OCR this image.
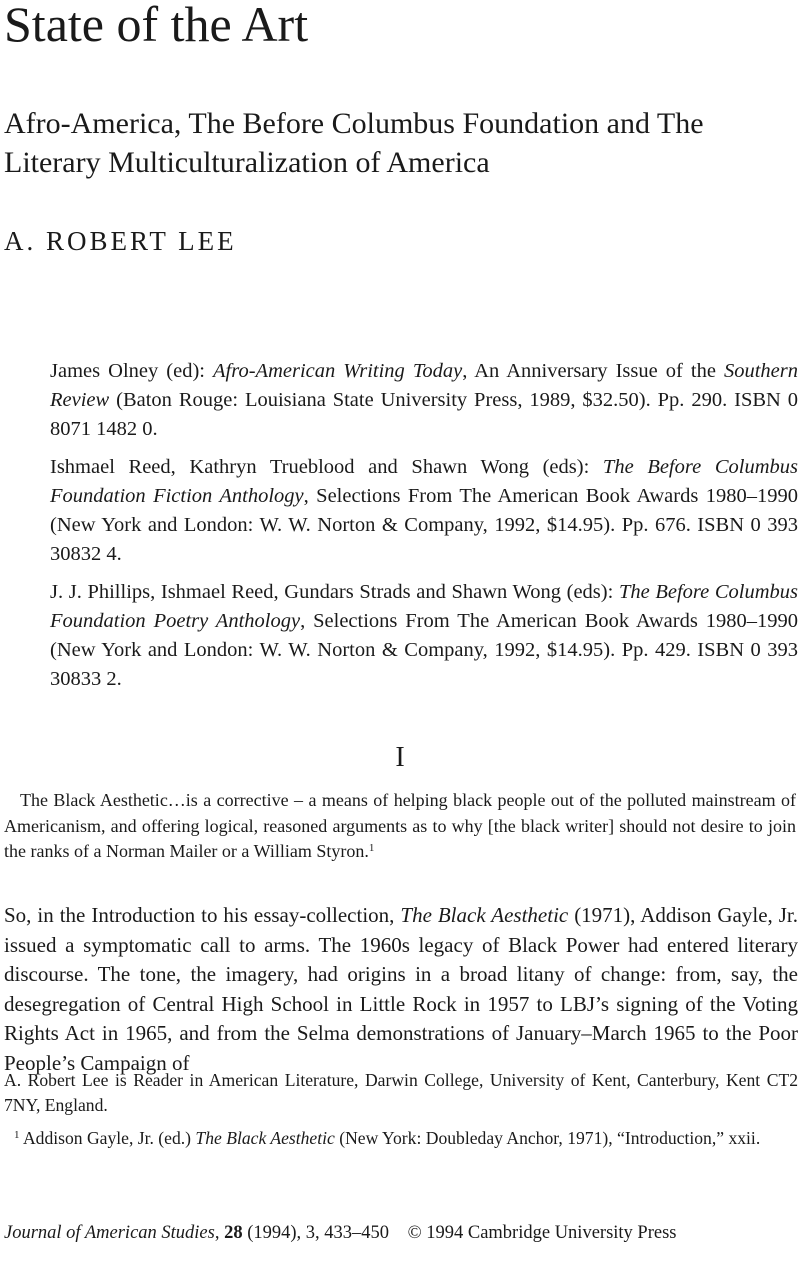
State of the Art
Afro-America, The Before Columbus Foundation and The Literary Multiculturalization of America
A. ROBERT LEE

James Olney (ed): Afro-American Writing Today, An Anniversary Issue of the Southern Review (Baton Rouge: Louisiana State University Press, 1989, $32.50). Pp. 290. ISBN 0 8071 1482 0.

Ishmael Reed, Kathryn Trueblood and Shawn Wong (eds): The Before Columbus Foundation Fiction Anthology, Selections From The American Book Awards 1980–1990 (New York and London: W. W. Norton & Company, 1992, $14.95). Pp. 676. ISBN 0 393 30832 4.

J. J. Phillips, Ishmael Reed, Gundars Strads and Shawn Wong (eds): The Before Columbus Foundation Poetry Anthology, Selections From The American Book Awards 1980–1990 (New York and London: W. W. Norton & Company, 1992, $14.95). Pp. 429. ISBN 0 393 30833 2.

I

The Black Aesthetic…is a corrective – a means of helping black people out of the polluted mainstream of Americanism, and offering logical, reasoned arguments as to why [the black writer] should not desire to join the ranks of a Norman Mailer or a William Styron.$^1$

So, in the Introduction to his essay-collection, The Black Aesthetic (1971), Addison Gayle, Jr. issued a symptomatic call to arms. The 1960s legacy of Black Power had entered literary discourse. The tone, the imagery, had origins in a broad litany of change: from, say, the desegregation of Central High School in Little Rock in 1957 to LBJ’s signing of the Voting Rights Act in 1965, and from the Selma demonstrations of January–March 1965 to the Poor People’s Campaign of

A. Robert Lee is Reader in American Literature, Darwin College, University of Kent, Canterbury, Kent CT2 7NY, England.

$^1$ Addison Gayle, Jr. (ed.) The Black Aesthetic (New York: Doubleday Anchor, 1971), “Introduction,” xxii.

Journal of American Studies, 28 (1994), 3, 433–450 © 1994 Cambridge University Press
